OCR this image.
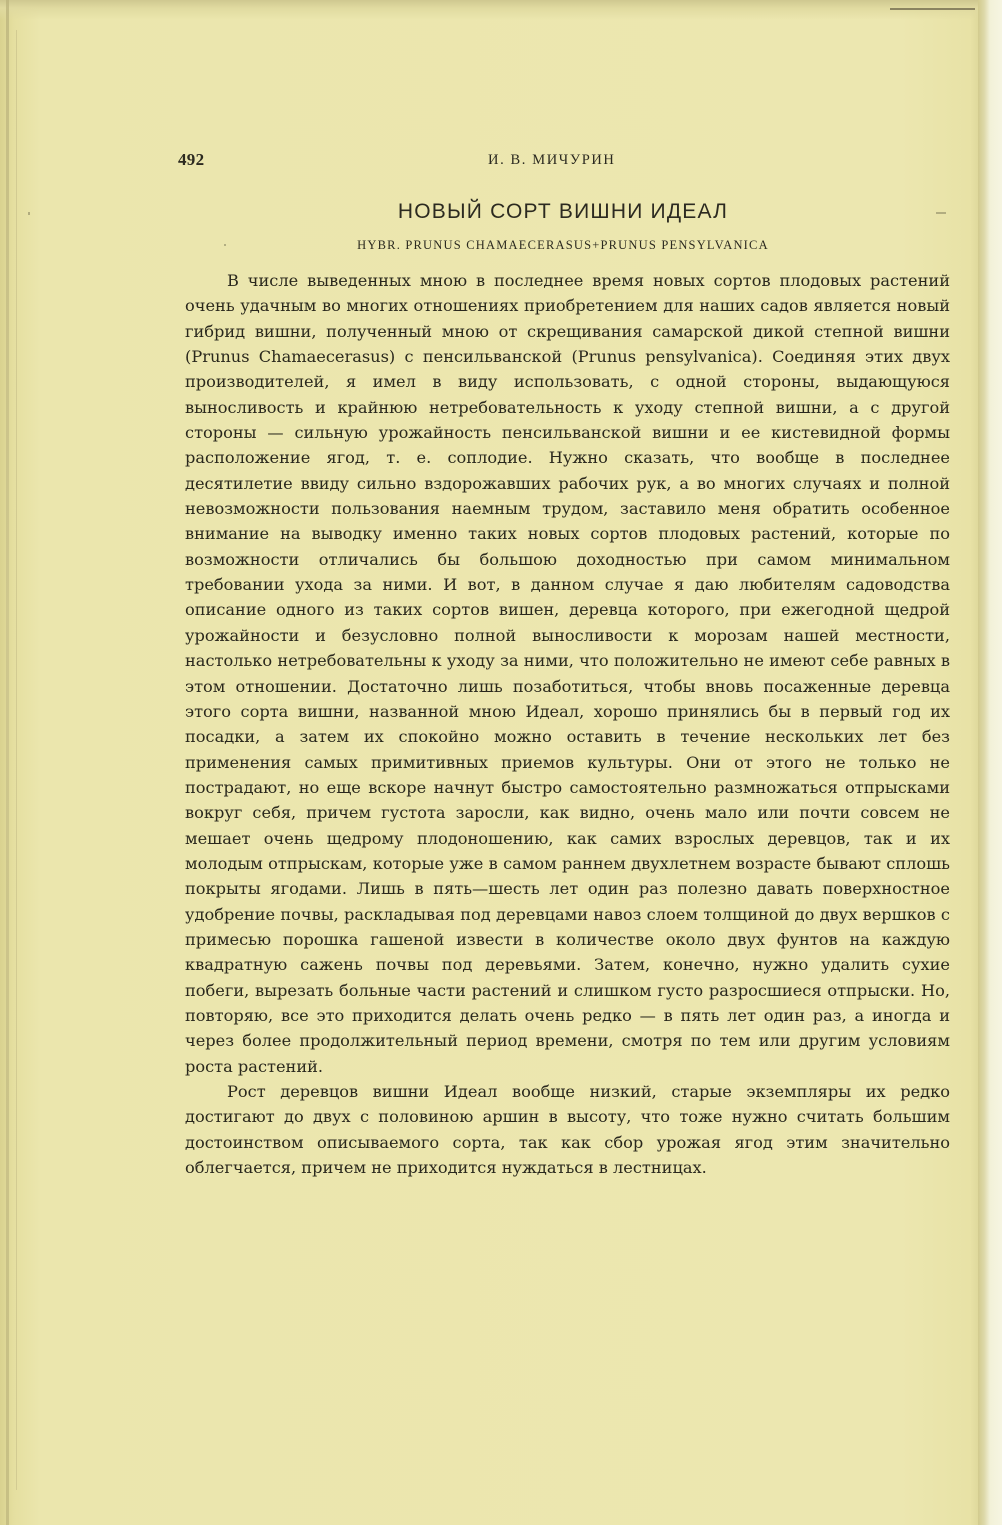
492	И. В. МИЧУРИН
НОВЫЙ СОРТ ВИШНИ ИДЕАЛ
HYBR. PRUNUS CHAMAECERASUS+PRUNUS PENSYLVANICA

В числе выведенных мною в последнее время новых сортов плодовых растений очень удачным во многих отношениях приобретением для наших садов является новый гибрид вишни, полученный мною от скрещивания самарской дикой степной вишни (Prunus Chamaecerasus) с пенсильванской (Prunus pensylvanica). Соединяя этих двух производителей, я имел в виду использовать, с одной стороны, выдающуюся выносливость и крайнюю нетребовательность к уходу степной вишни, а с другой стороны — сильную урожайность пенсильванской вишни и ее кистевидной формы расположение ягод, т. е. соплодие. Нужно сказать, что вообще в последнее десятилетие ввиду сильно вздорожавших рабочих рук, а во многих случаях и полной невозможности пользования наемным трудом, заставило меня обратить особенное внимание на выводку именно таких новых сортов плодовых растений, которые по возможности отличались бы большою доходностью при самом минимальном требовании ухода за ними. И вот, в данном случае я даю любителям садоводства описание одного из таких сортов вишен, деревца которого, при ежегодной щедрой урожайности и безусловно полной выносливости к морозам нашей местности, настолько нетребовательны к уходу за ними, что положительно не имеют себе равных в этом отношении. Достаточно лишь позаботиться, чтобы вновь посаженные деревца этого сорта вишни, названной мною Идеал, хорошо принялись бы в первый год их посадки, а затем их спокойно можно оставить в течение нескольких лет без применения самых примитивных приемов культуры. Они от этого не только не пострадают, но еще вскоре начнут быстро самостоятельно размножаться отпрысками вокруг себя, причем густота заросли, как видно, очень мало или почти совсем не мешает очень щедрому плодоношению, как самих взрослых деревцов, так и их молодым отпрыскам, которые уже в самом раннем двухлетнем возрасте бывают сплошь покрыты ягодами. Лишь в пять—шесть лет один раз полезно давать поверхностное удобрение почвы, раскладывая под деревцами навоз слоем толщиной до двух вершков с примесью порошка гашеной извести в количестве около двух фунтов на каждую квадратную сажень почвы под деревьями. Затем, конечно, нужно удалить сухие побеги, вырезать больные части растений и слишком густо разросшиеся отпрыски. Но, повторяю, все это приходится делать очень редко — в пять лет один раз, а иногда и через более продолжительный период времени, смотря по тем или другим условиям роста растений.

Рост деревцов вишни Идеал вообще низкий, старые экземпляры их редко достигают до двух с половиною аршин в высоту, что тоже нужно считать большим достоинством описываемого сорта, так как сбор урожая ягод этим значительно облегчается, причем не приходится нуждаться в лестницах.
